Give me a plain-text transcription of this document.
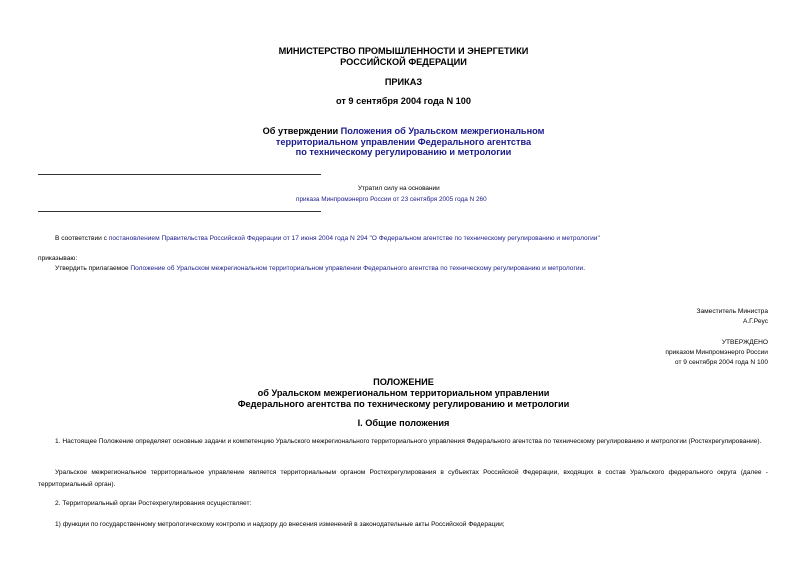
МИНИСТЕРСТВО ПРОМЫШЛЕННОСТИ И ЭНЕРГЕТИКИ
РОССИЙСКОЙ ФЕДЕРАЦИИ
ПРИКАЗ
от 9 сентября 2004 года N 100
Об утверждении Положения об Уральском межрегиональном
территориальном управлении Федерального агентства
по техническому регулированию и метрологии
Утратил силу на основании
приказа Минпромэнерго России от 23 сентября 2005 года N 260
В соответствии с постановлением Правительства Российской Федерации от 17 июня 2004 года N 294 "О Федеральном агентстве по техническому регулированию и метрологии"
приказываю:
Утвердить прилагаемое Положение об Уральском межрегиональном территориальном управлении Федерального агентства по техническому регулированию и метрологии.
Заместитель Министра
А.Г.Реус
УТВЕРЖДЕНО
приказом Минпромэнерго России
от 9 сентября 2004 года N 100
ПОЛОЖЕНИЕ
об Уральском межрегиональном территориальном управлении
Федерального агентства по техническому регулированию и метрологии
I. Общие положения
1. Настоящее Положение определяет основные задачи и компетенцию Уральского межрегионального территориального управления Федерального агентства по техническому регулированию и метрологии (Ростехрегулирование).
Уральское межрегиональное территориальное управление является территориальным органом Ростехрегулирования в субъектах Российской Федерации, входящих в состав Уральского федерального округа (далее - территориальный орган).
2. Территориальный орган Ростехрегулирования осуществляет:
1) функции по государственному метрологическому контролю и надзору до внесения изменений в законодательные акты Российской Федерации;
